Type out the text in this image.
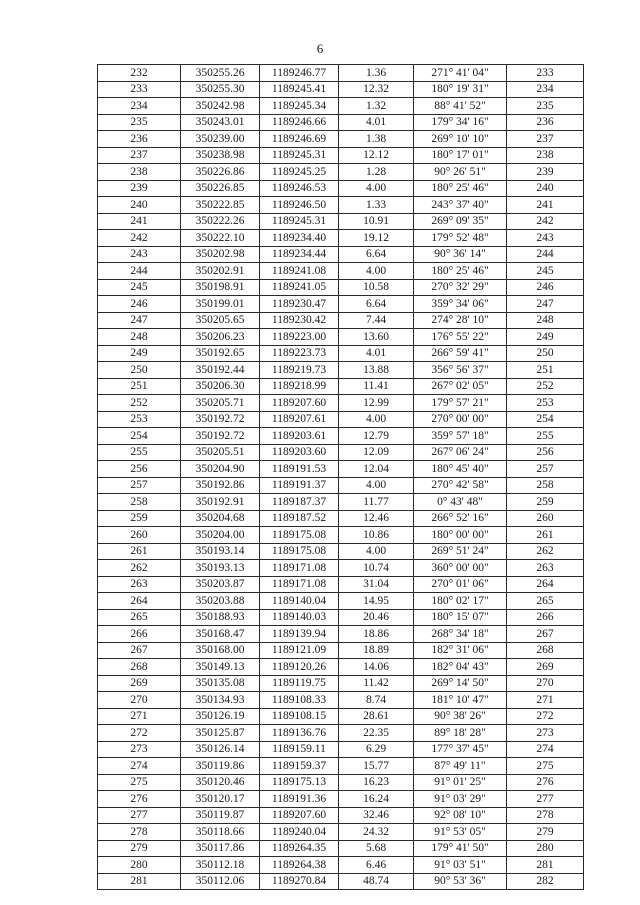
6
232	350255.26	1189246.77	1.36	271° 41' 04"	233
233	350255.30	1189245.41	12.32	180° 19' 31"	234
234	350242.98	1189245.34	1.32	88° 41' 52"	235
235	350243.01	1189246.66	4.01	179° 34' 16"	236
236	350239.00	1189246.69	1.38	269° 10' 10"	237
237	350238.98	1189245.31	12.12	180° 17' 01"	238
238	350226.86	1189245.25	1.28	90° 26' 51"	239
239	350226.85	1189246.53	4.00	180° 25' 46"	240
240	350222.85	1189246.50	1.33	243° 37' 40"	241
241	350222.26	1189245.31	10.91	269° 09' 35"	242
242	350222.10	1189234.40	19.12	179° 52' 48"	243
243	350202.98	1189234.44	6.64	90° 36' 14"	244
244	350202.91	1189241.08	4.00	180° 25' 46"	245
245	350198.91	1189241.05	10.58	270° 32' 29"	246
246	350199.01	1189230.47	6.64	359° 34' 06"	247
247	350205.65	1189230.42	7.44	274° 28' 10"	248
248	350206.23	1189223.00	13.60	176° 55' 22"	249
249	350192.65	1189223.73	4.01	266° 59' 41"	250
250	350192.44	1189219.73	13.88	356° 56' 37"	251
251	350206.30	1189218.99	11.41	267° 02' 05"	252
252	350205.71	1189207.60	12.99	179° 57' 21"	253
253	350192.72	1189207.61	4.00	270° 00' 00"	254
254	350192.72	1189203.61	12.79	359° 57' 18"	255
255	350205.51	1189203.60	12.09	267° 06' 24"	256
256	350204.90	1189191.53	12.04	180° 45' 40"	257
257	350192.86	1189191.37	4.00	270° 42' 58"	258
258	350192.91	1189187.37	11.77	0° 43' 48"	259
259	350204.68	1189187.52	12.46	266° 52' 16"	260
260	350204.00	1189175.08	10.86	180° 00' 00"	261
261	350193.14	1189175.08	4.00	269° 51' 24"	262
262	350193.13	1189171.08	10.74	360° 00' 00"	263
263	350203.87	1189171.08	31.04	270° 01' 06"	264
264	350203.88	1189140.04	14.95	180° 02' 17"	265
265	350188.93	1189140.03	20.46	180° 15' 07"	266
266	350168.47	1189139.94	18.86	268° 34' 18"	267
267	350168.00	1189121.09	18.89	182° 31' 06"	268
268	350149.13	1189120.26	14.06	182° 04' 43"	269
269	350135.08	1189119.75	11.42	269° 14' 50"	270
270	350134.93	1189108.33	8.74	181° 10' 47"	271
271	350126.19	1189108.15	28.61	90° 38' 26"	272
272	350125.87	1189136.76	22.35	89° 18' 28"	273
273	350126.14	1189159.11	6.29	177° 37' 45"	274
274	350119.86	1189159.37	15.77	87° 49' 11"	275
275	350120.46	1189175.13	16.23	91° 01' 25"	276
276	350120.17	1189191.36	16.24	91° 03' 29"	277
277	350119.87	1189207.60	32.46	92° 08' 10"	278
278	350118.66	1189240.04	24.32	91° 53' 05"	279
279	350117.86	1189264.35	5.68	179° 41' 50"	280
280	350112.18	1189264.38	6.46	91° 03' 51"	281
281	350112.06	1189270.84	48.74	90° 53' 36"	282
